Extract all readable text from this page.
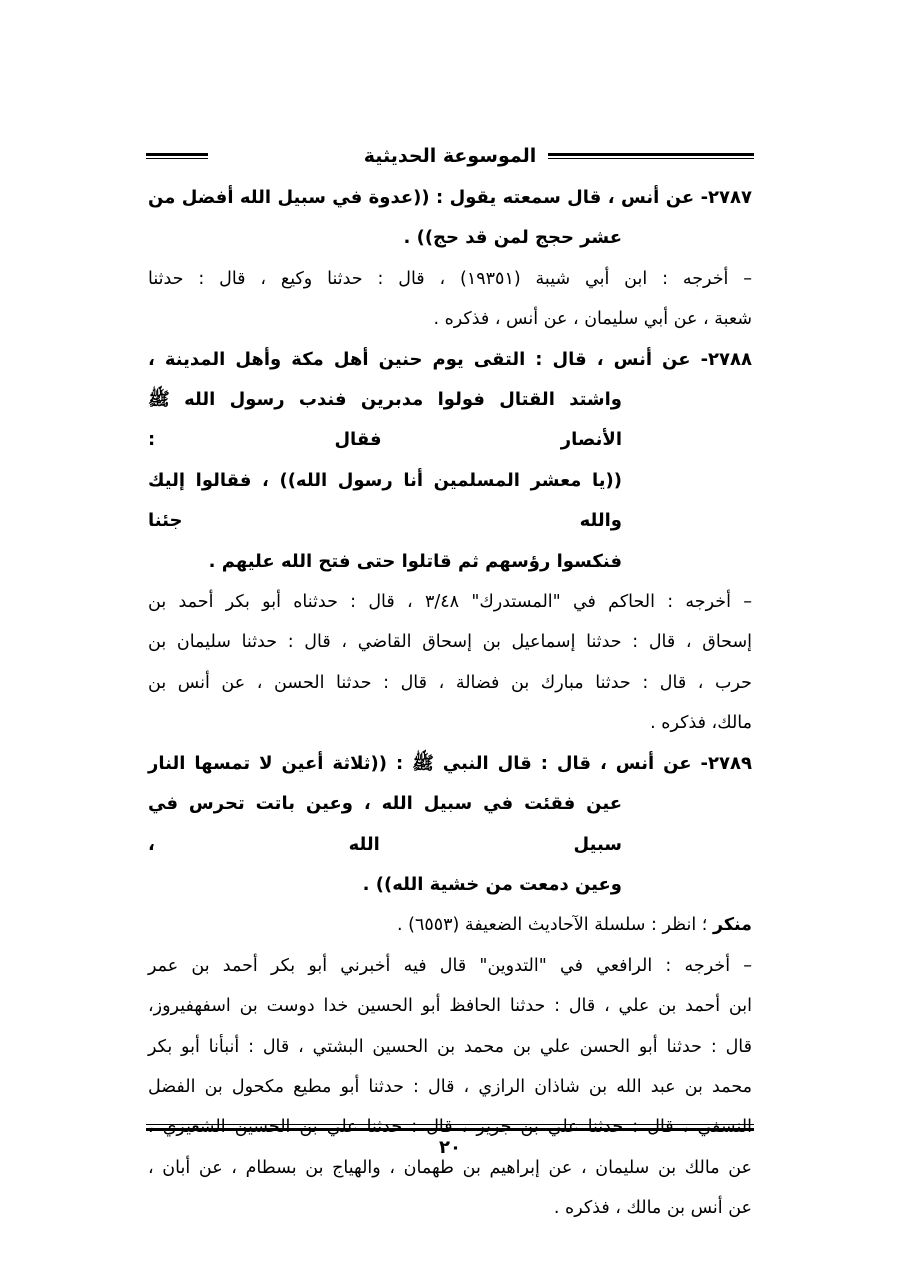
الموسوعة الحديثية

٢٧٨٧- عن أنس ، قال سمعته يقول : ((عدوة في سبيل الله أفضل من

عشر حجج لمن قد حج)) .

– أخرجه : ابن أبي شيبة (١٩٣٥١) ، قال : حدثنا وكيع ، قال : حدثنا

شعبة ، عن أبي سليمان ، عن أنس ، فذكره .

٢٧٨٨- عن أنس ، قال : التقى يوم حنين أهل مكة وأهل المدينة ،

واشتد القتال فولوا مدبرين فندب رسول الله ﷺ الأنصار فقال :

((يا معشر المسلمين أنا رسول الله)) ، فقالوا إليك والله جئنا

فنكسوا رؤسهم ثم قاتلوا حتى فتح الله عليهم .

– أخرجه : الحاكم في "المستدرك" ٣/٤٨ ، قال : حدثناه أبو بكر أحمد بن

إسحاق ، قال : حدثنا إسماعيل بن إسحاق القاضي ، قال : حدثنا سليمان بن

حرب ، قال : حدثنا مبارك بن فضالة ، قال : حدثنا الحسن ، عن أنس بن

مالك، فذكره .

٢٧٨٩- عن أنس ، قال : قال النبي ﷺ : ((ثلاثة أعين لا تمسها النار

عين فقئت في سبيل الله ، وعين باتت تحرس في سبيل الله ،

وعين دمعت من خشية الله)) .

منكر ؛ انظر : سلسلة الآحاديث الضعيفة (٦٥٥٣) .

– أخرجه : الرافعي في "التدوين" قال فيه أخبرني أبو بكر أحمد بن عمر

ابن أحمد بن علي ، قال : حدثنا الحافظ أبو الحسين خدا دوست بن اسفهفيروز،

قال : حدثنا أبو الحسن علي بن محمد بن الحسين البشتي ، قال : أنبأنا أبو بكر

محمد بن عبد الله بن شاذان الرازي ، قال : حدثنا أبو مطيع مكحول بن الفضل

النسفي ، قال : حدثنا علي بن جرير ، قال : حدثنا علي بن الحسين الشعيري ،

عن مالك بن سليمان ، عن إبراهيم بن طهمان ، والهياج بن بسطام ، عن أبان ،

عن أنس بن مالك ، فذكره .

٢٠
